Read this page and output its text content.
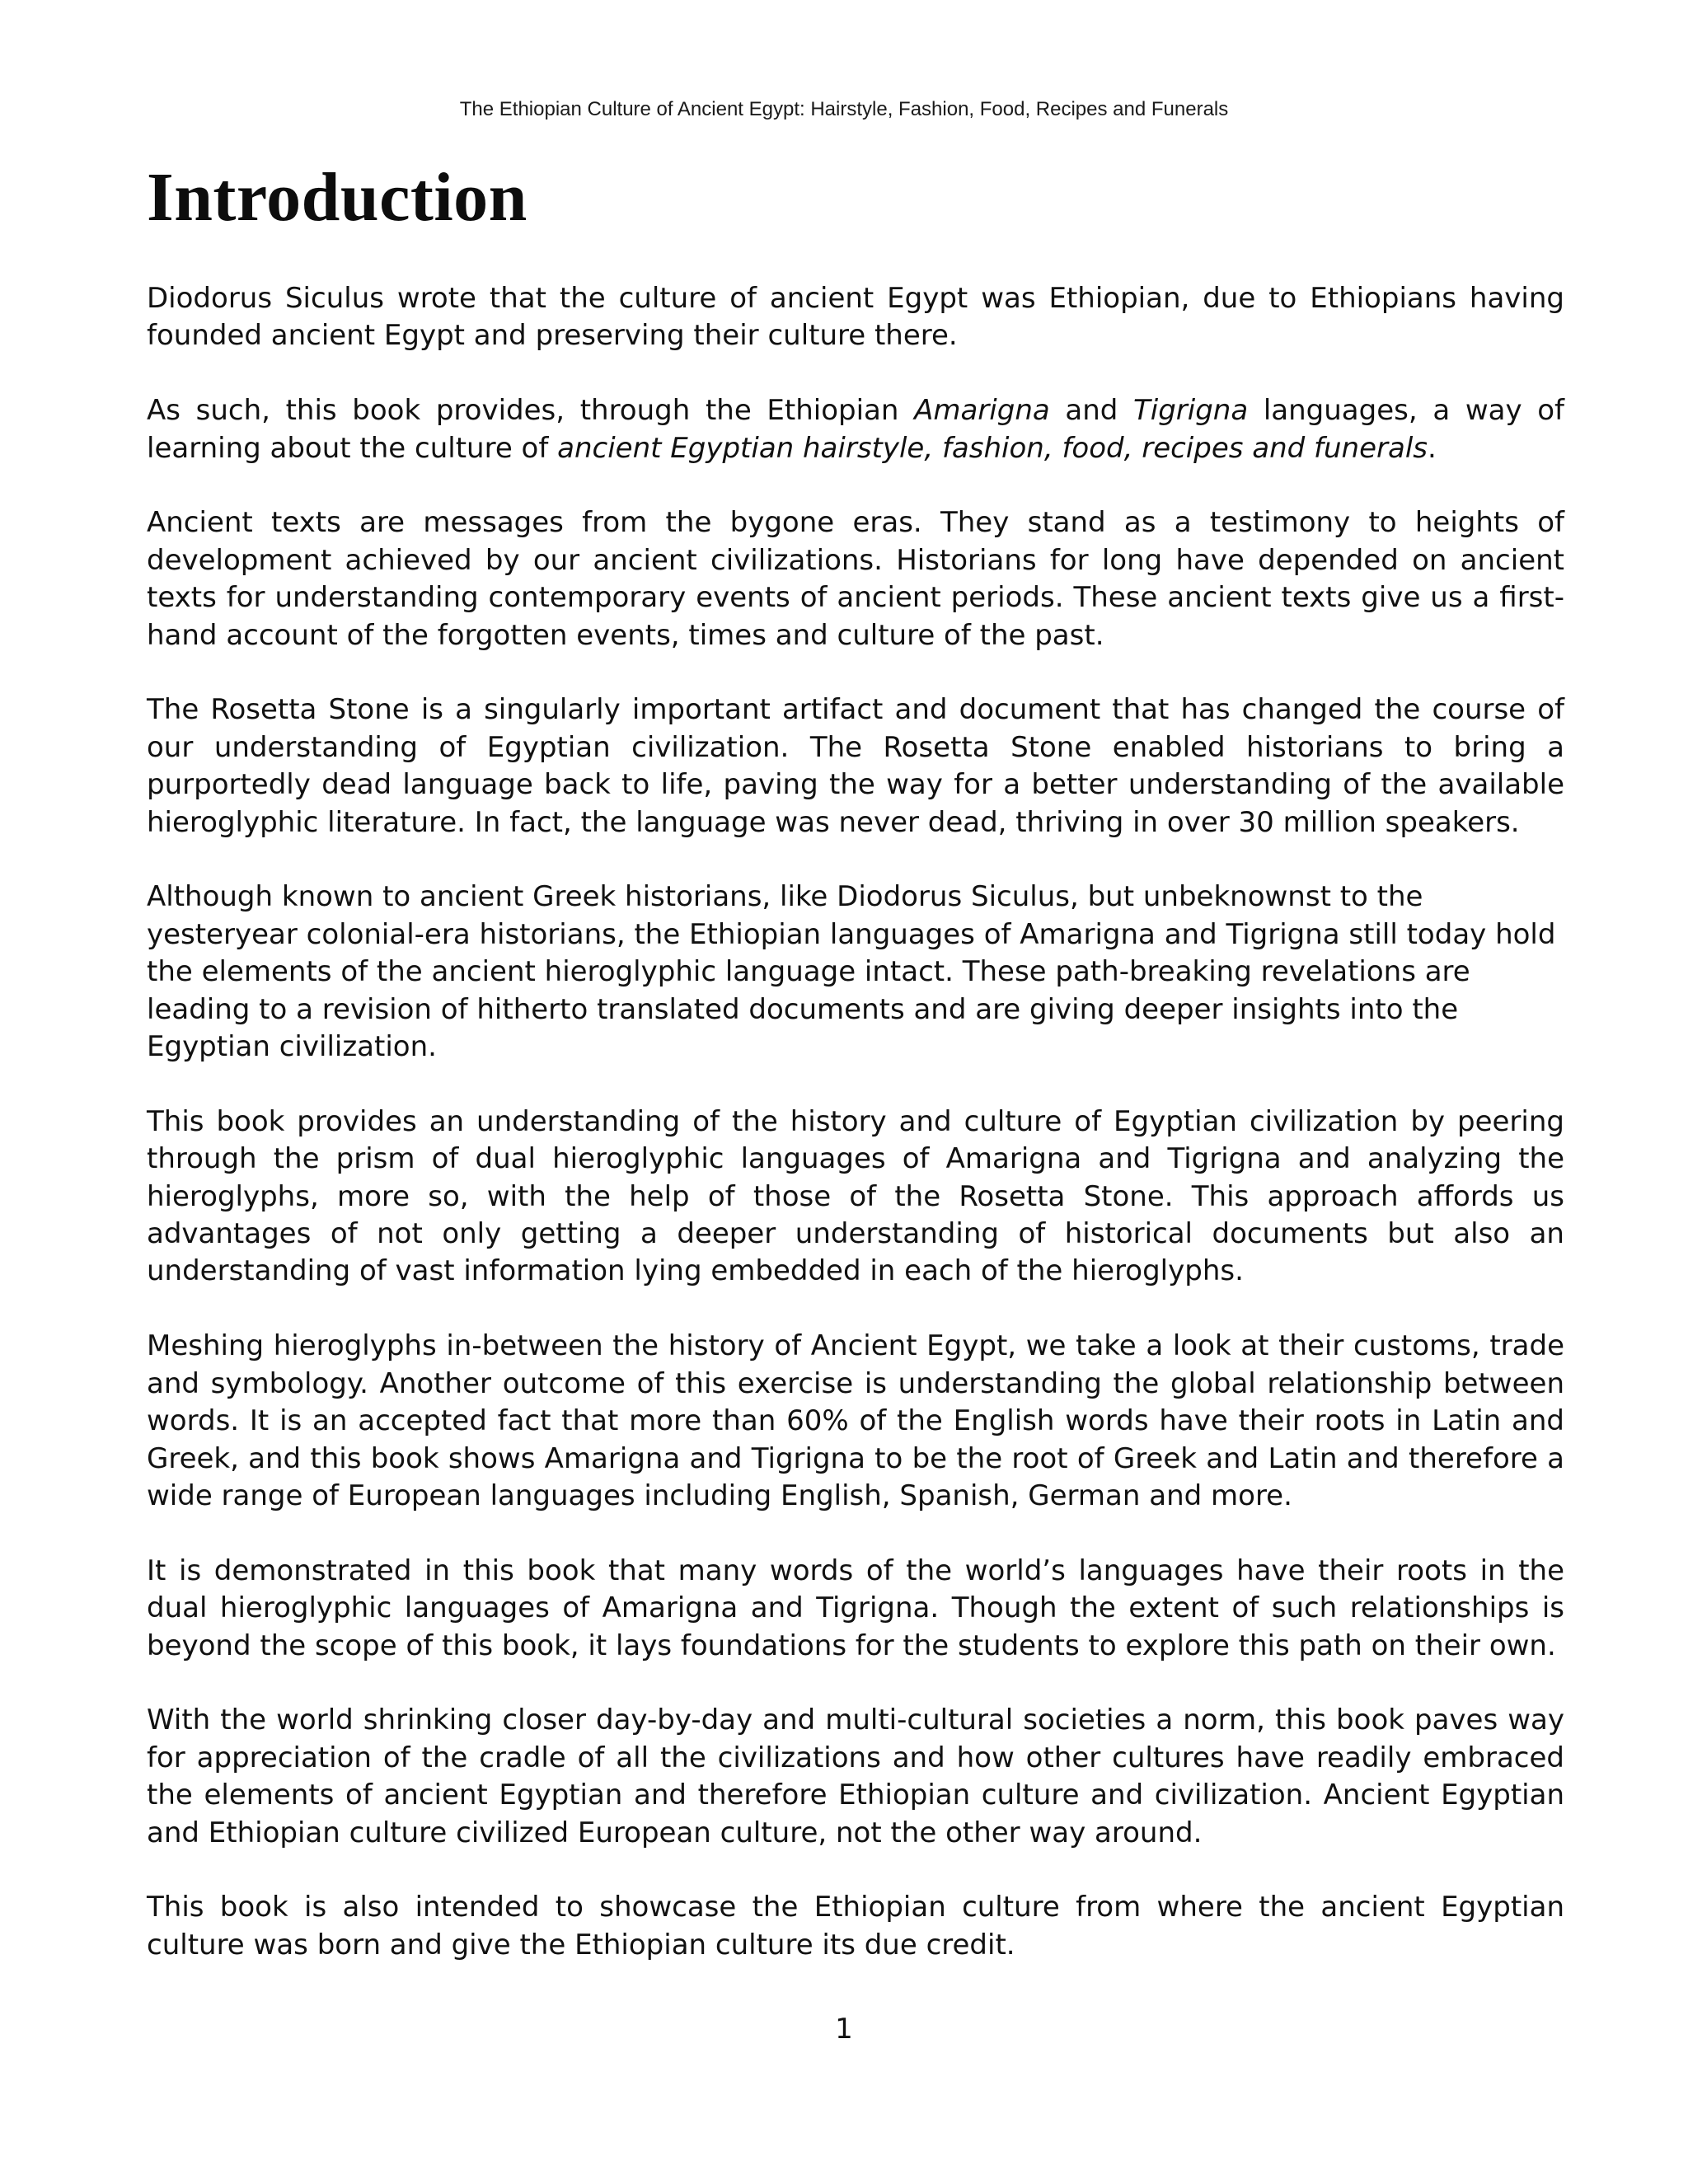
The Ethiopian Culture of Ancient Egypt: Hairstyle, Fashion, Food, Recipes and Funerals
Introduction

Diodorus Siculus wrote that the culture of ancient Egypt was Ethiopian, due to Ethiopians having founded ancient Egypt and preserving their culture there.

As such, this book provides, through the Ethiopian Amarigna and Tigrigna languages, a way of learning about the culture of ancient Egyptian hairstyle, fashion, food, recipes and funerals.

Ancient texts are messages from the bygone eras. They stand as a testimony to heights of development achieved by our ancient civilizations. Historians for long have depended on ancient texts for understanding contemporary events of ancient periods. These ancient texts give us a first-hand account of the forgotten events, times and culture of the past.

The Rosetta Stone is a singularly important artifact and document that has changed the course of our understanding of Egyptian civilization. The Rosetta Stone enabled historians to bring a purportedly dead language back to life, paving the way for a better understanding of the available hieroglyphic literature. In fact, the language was never dead, thriving in over 30 million speakers.

Although known to ancient Greek historians, like Diodorus Siculus, but unbeknownst to the yesteryear colonial-era historians, the Ethiopian languages of Amarigna and Tigrigna still today hold the elements of the ancient hieroglyphic language intact. These path-breaking revelations are leading to a revision of hitherto translated documents and are giving deeper insights into the Egyptian civilization.

This book provides an understanding of the history and culture of Egyptian civilization by peering through the prism of dual hieroglyphic languages of Amarigna and Tigrigna and analyzing the hieroglyphs, more so, with the help of those of the Rosetta Stone. This approach affords us advantages of not only getting a deeper understanding of historical documents but also an understanding of vast information lying embedded in each of the hieroglyphs.

Meshing hieroglyphs in-between the history of Ancient Egypt, we take a look at their customs, trade and symbology. Another outcome of this exercise is understanding the global relationship between words. It is an accepted fact that more than 60% of the English words have their roots in Latin and Greek, and this book shows Amarigna and Tigrigna to be the root of Greek and Latin and therefore a wide range of European languages including English, Spanish, German and more.

It is demonstrated in this book that many words of the world’s languages have their roots in the dual hieroglyphic languages of Amarigna and Tigrigna. Though the extent of such relationships is beyond the scope of this book, it lays foundations for the students to explore this path on their own.

With the world shrinking closer day-by-day and multi-cultural societies a norm, this book paves way for appreciation of the cradle of all the civilizations and how other cultures have readily embraced the elements of ancient Egyptian and therefore Ethiopian culture and civilization. Ancient Egyptian and Ethiopian culture civilized European culture, not the other way around.

This book is also intended to showcase the Ethiopian culture from where the ancient Egyptian culture was born and give the Ethiopian culture its due credit.

1
